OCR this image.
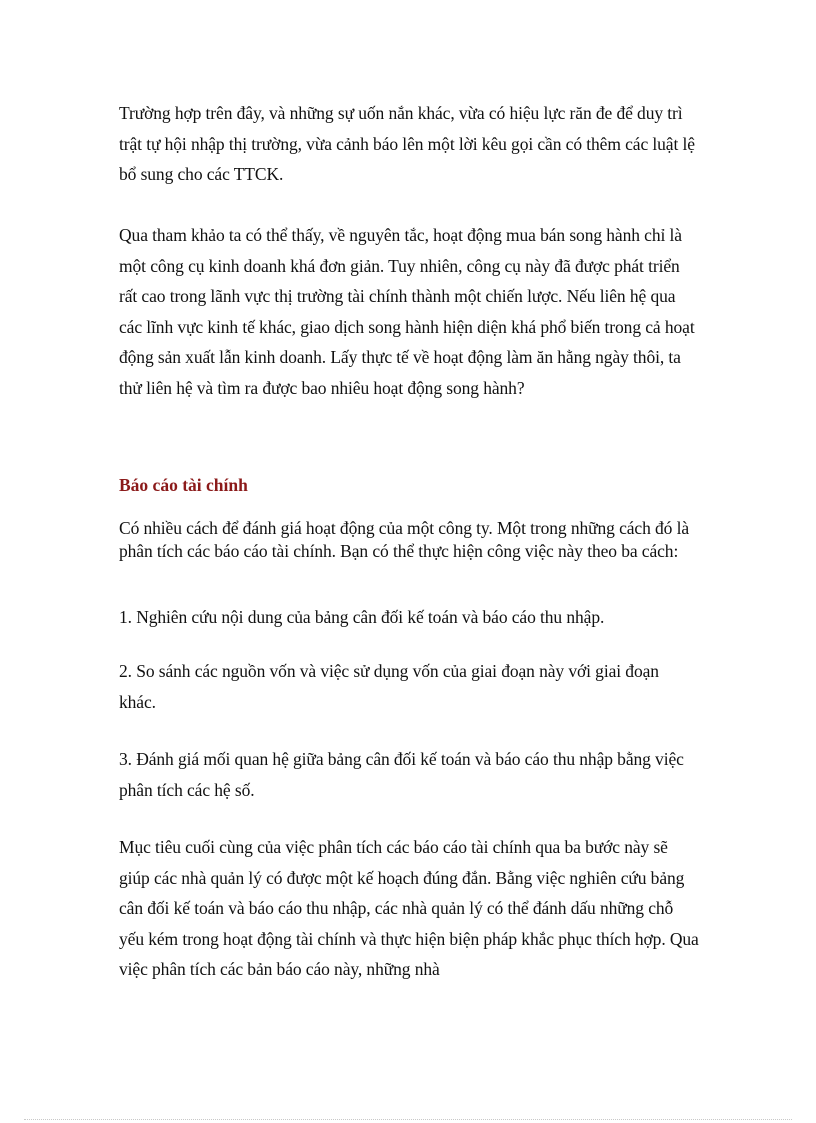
Trường hợp trên đây, và những sự uốn nắn khác, vừa có hiệu lực răn đe để duy trì trật tự hội nhập thị trường, vừa cảnh báo lên một lời kêu gọi cần có thêm các luật lệ bổ sung cho các TTCK.

Qua tham khảo ta có thể thấy, về nguyên tắc, hoạt động mua bán song hành chỉ là một công cụ kinh doanh khá đơn giản. Tuy nhiên, công cụ này đã được phát triển rất cao trong lãnh vực thị trường tài chính thành một chiến lược. Nếu liên hệ qua các lĩnh vực kinh tế khác, giao dịch song hành hiện diện khá phổ biến trong cả hoạt động sản xuất lẫn kinh doanh. Lấy thực tế về hoạt động làm ăn hằng ngày thôi, ta thử liên hệ và tìm ra được bao nhiêu hoạt động song hành?

Báo cáo tài chính

Có nhiều cách để đánh giá hoạt động của một công ty. Một trong những cách đó là phân tích các báo cáo tài chính. Bạn có thể thực hiện công việc này theo ba cách:

1. Nghiên cứu nội dung của bảng cân đối kế toán và báo cáo thu nhập.

2. So sánh các nguồn vốn và việc sử dụng vốn của giai đoạn này với giai đoạn khác.

3. Đánh giá mối quan hệ giữa bảng cân đối kế toán và báo cáo thu nhập bằng việc phân tích các hệ số.

Mục tiêu cuối cùng của việc phân tích các báo cáo tài chính qua ba bước này sẽ giúp các nhà quản lý có được một kế hoạch đúng đắn. Bằng việc nghiên cứu bảng cân đối kế toán và báo cáo thu nhập, các nhà quản lý có thể đánh dấu những chỗ yếu kém trong hoạt động tài chính và thực hiện biện pháp khắc phục thích hợp. Qua việc phân tích các bản báo cáo này, những nhà
